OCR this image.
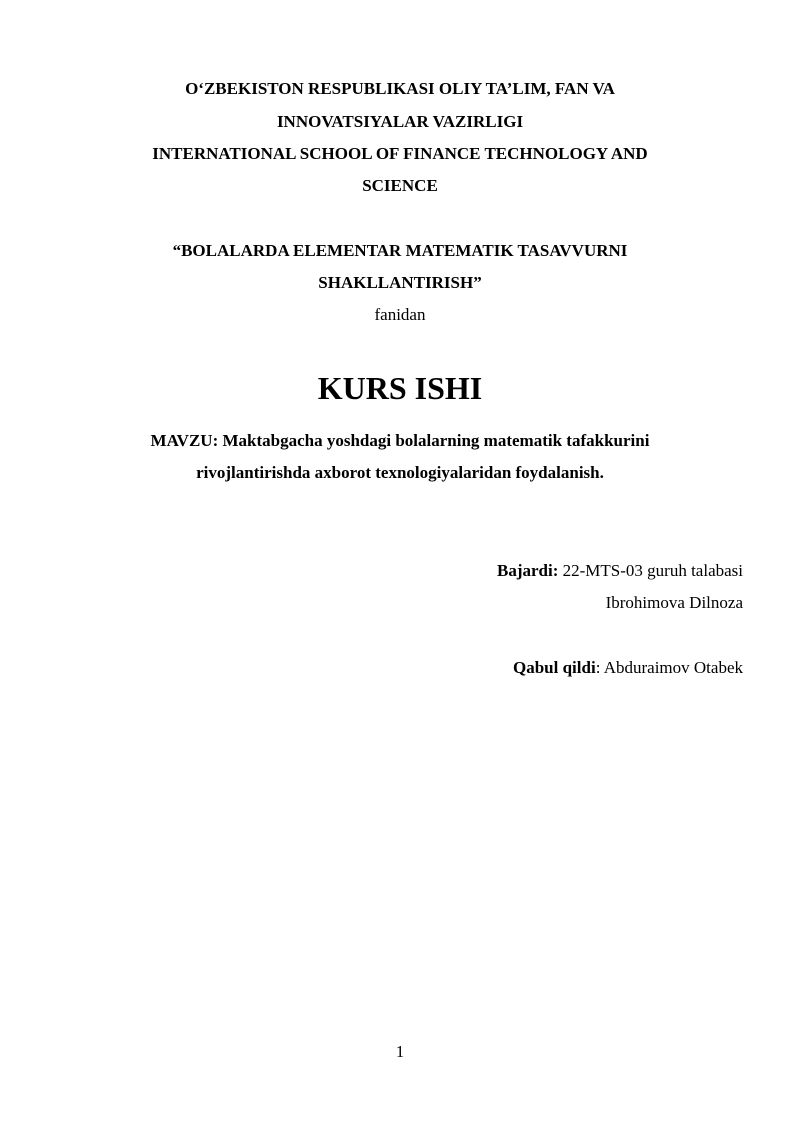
O‘ZBEKISTON RESPUBLIKASI OLIY TA’LIM, FAN VA
INNOVATSIYALAR VAZIRLIGI
INTERNATIONAL SCHOOL OF FINANCE TECHNOLOGY AND
SCIENCE
“BOLALARDA ELEMENTAR MATEMATIK TASAVVURNI
SHAKLLANTIRISH”
fanidan
KURS ISHI
MAVZU: Maktabgacha yoshdagi bolalarning matematik tafakkurini
rivojlantirishda axborot texnologiyalaridan foydalanish.
Bajardi: 22-MTS-03 guruh talabasi
Ibrohimova Dilnoza
Qabul qildi: Abduraimov Otabek
1
